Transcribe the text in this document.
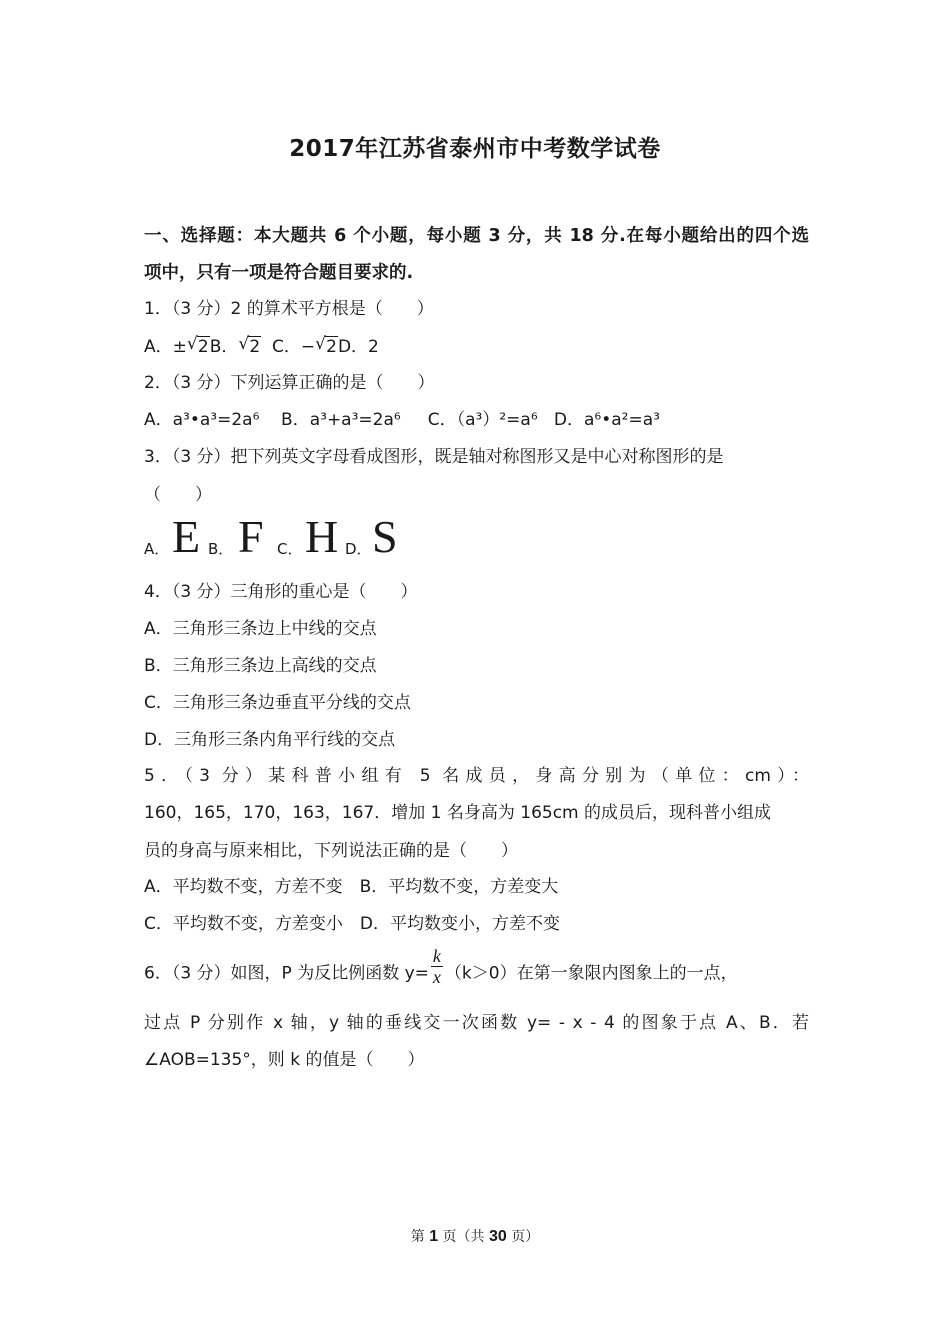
2017年江苏省泰州市中考数学试卷
一、选择题：本大题共 6 个小题，每小题 3 分，共 18 分.在每小题给出的四个选
项中，只有一项是符合题目要求的.
1．（3 分）2 的算术平方根是（　　）
A．± √ 2B． √ 2 C．− √ 2D．2
2．（3 分）下列运算正确的是（　　）
A．a³•a³=2a⁶ B．a³+a³=2a⁶ C．（a³）²=a⁶ D．a⁶•a²=a³
3．（3 分）把下列英文字母看成图形，既是轴对称图形又是中心对称图形的是
（　　）
A． E B． F C． H D． S
4．（3 分）三角形的重心是（　　）
A．三角形三条边上中线的交点
B．三角形三条边上高线的交点
C．三角形三条边垂直平分线的交点
D．三角形三条内角平行线的交点
5．（3 分）某科普小组有 5 名成员，身高分别为（单位：cm）：
160，165，170，163，167．增加 1 名身高为 165cm 的成员后，现科普小组成
员的身高与原来相比，下列说法正确的是（　　）
A．平均数不变，方差不变　B．平均数不变，方差变大
C．平均数不变，方差变小　D．平均数变小，方差不变
6．（3 分）如图，P 为反比例函数 $y= \frac{k}{x} (k>0)$在第一象限内图象上的一点，
过点 P 分别作 x 轴，y 轴的垂线交一次函数 y= - x - 4 的图象于点 A、B．若
∠AOB=135°，则 k 的值是（　　）
第 1 页（共 30 页）
